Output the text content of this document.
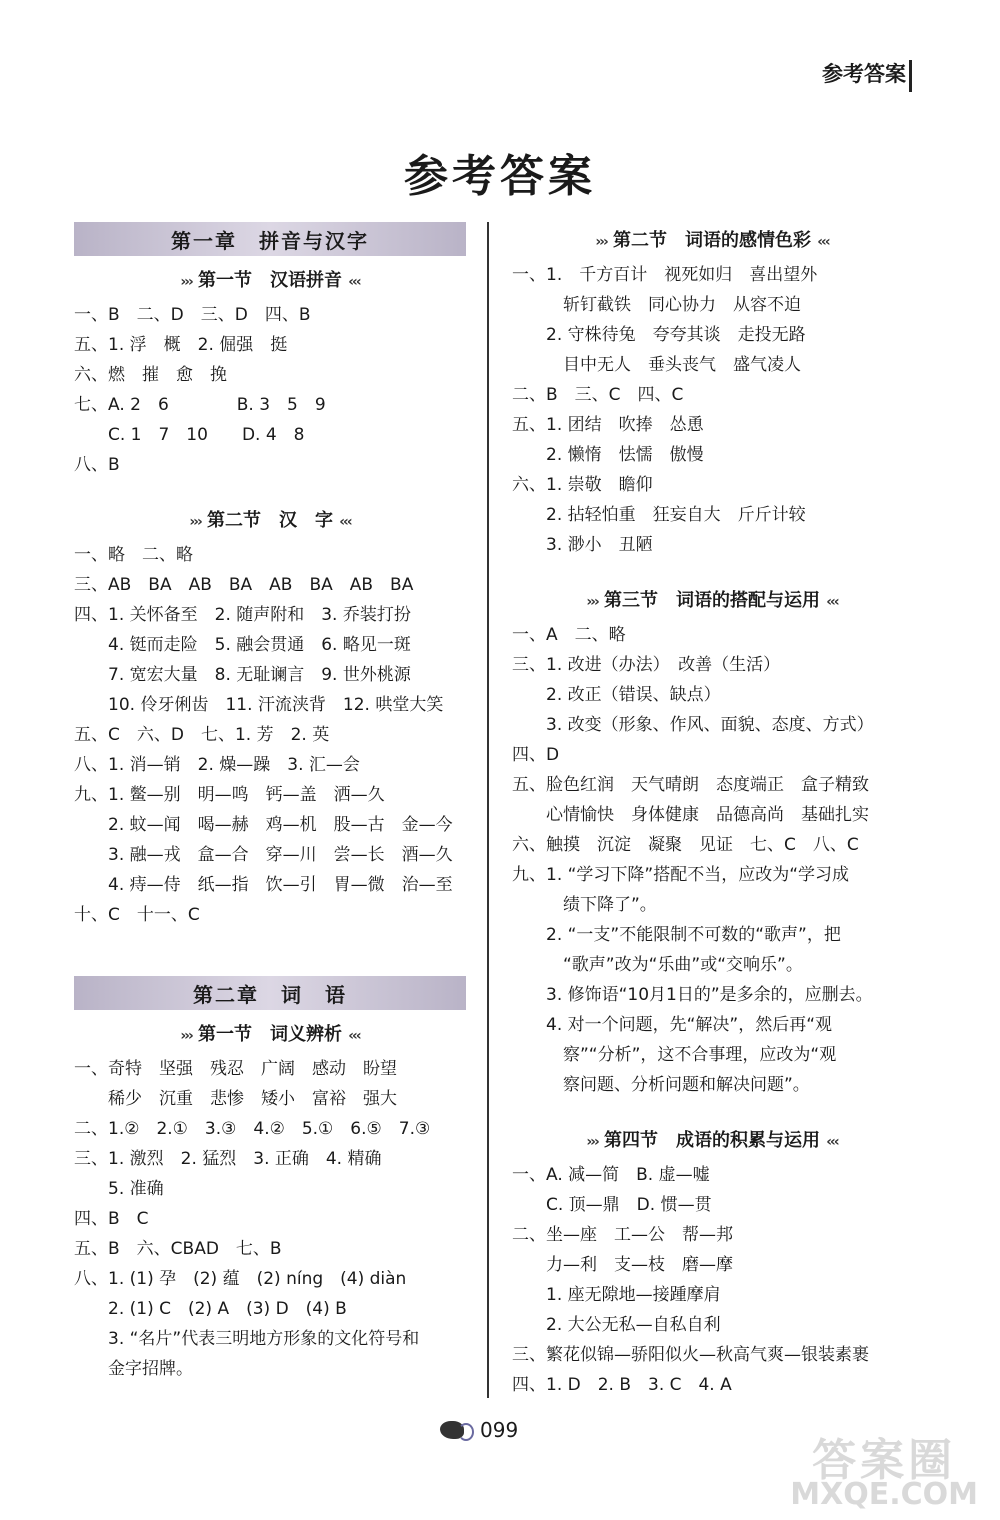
参考答案
参考答案
第一章　拼音与汉字
››› 第一节　汉语拼音 ‹‹‹
一、B　二、D　三、D　四、B
五、1. 浮　概　2. 倔强　挺
六、燃　摧　愈　挽
七、A. 2　6　　　　B. 3　5　9
　　C. 1　7　10　　D. 4　8
八、B
››› 第二节　汉　字 ‹‹‹
一、略　二、略
三、AB　BA　AB　BA　AB　BA　AB　BA
四、1. 关怀备至　2. 随声附和　3. 乔装打扮
　　4. 铤而走险　5. 融会贯通　6. 略见一斑
　　7. 宽宏大量　8. 无耻谰言　9. 世外桃源
　　10. 伶牙俐齿　11. 汗流浃背　12. 哄堂大笑
五、C　六、D　七、1. 芳　2. 英
八、1. 消—销　2. 燥—躁　3. 汇—会
九、1. 鳖—别　明—鸣　钙—盖　洒—久
　　2. 蚊—闻　喝—赫　鸡—机　股—古　金—今
　　3. 融—戎　盒—合　穿—川　尝—长　酒—久
　　4. 痔—侍　纸—指　饮—引　胃—微　治—至
十、C　十一、C
第二章　词　语
››› 第一节　词义辨析 ‹‹‹
一、奇特　坚强　残忍　广阔　感动　盼望
　　稀少　沉重　悲惨　矮小　富裕　强大
二、1.②　2.①　3.③　4.②　5.①　6.⑤　7.③
三、1. 激烈　2. 猛烈　3. 正确　4. 精确
　　5. 准确
四、B　C
五、B　六、CBAD　七、B
八、1. (1) 孕　(2) 蕴　(2) níng　(4) diàn
　　2. (1) C　(2) A　(3) D　(4) B
　　3. “名片”代表三明地方形象的文化符号和
　　金字招牌。
››› 第二节　词语的感情色彩 ‹‹‹
一、1.　千方百计　视死如归　喜出望外
　　　斩钉截铁　同心协力　从容不迫
　　2. 守株待兔　夸夸其谈　走投无路
　　　目中无人　垂头丧气　盛气凌人
二、B　三、C　四、C
五、1. 团结　吹捧　怂恿
　　2. 懒惰　怯懦　傲慢
六、1. 崇敬　瞻仰
　　2. 拈轻怕重　狂妄自大　斤斤计较
　　3. 渺小　丑陋
››› 第三节　词语的搭配与运用 ‹‹‹
一、A　二、略
三、1. 改进（办法）　改善（生活）
　　2. 改正（错误、缺点）
　　3. 改变（形象、作风、面貌、态度、方式）
四、D
五、脸色红润　天气晴朗　态度端正　盒子精致
　　心情愉快　身体健康　品德高尚　基础扎实
六、触摸　沉淀　凝聚　见证　七、C　八、C
九、1. “学习下降”搭配不当，应改为“学习成
　　　绩下降了”。
　　2. “一支”不能限制不可数的“歌声”，把
　　　“歌声”改为“乐曲”或“交响乐”。
　　3. 修饰语“10月1日的”是多余的，应删去。
　　4. 对一个问题，先“解决”，然后再“观
　　　察”“分析”，这不合事理，应改为“观
　　　察问题、分析问题和解决问题”。
››› 第四节　成语的积累与运用 ‹‹‹
一、A. 减—简　B. 虚—嘘
　　C. 顶—鼎　D. 惯—贯
二、坐—座　工—公　帮—邦
　　力—利　支—枝　磨—摩
　　1. 座无隙地—接踵摩肩
　　2. 大公无私—自私自利
三、繁花似锦—骄阳似火—秋高气爽—银装素裹
四、1. D　2. B　3. C　4. A
099
答案圈
MXQE.COM
